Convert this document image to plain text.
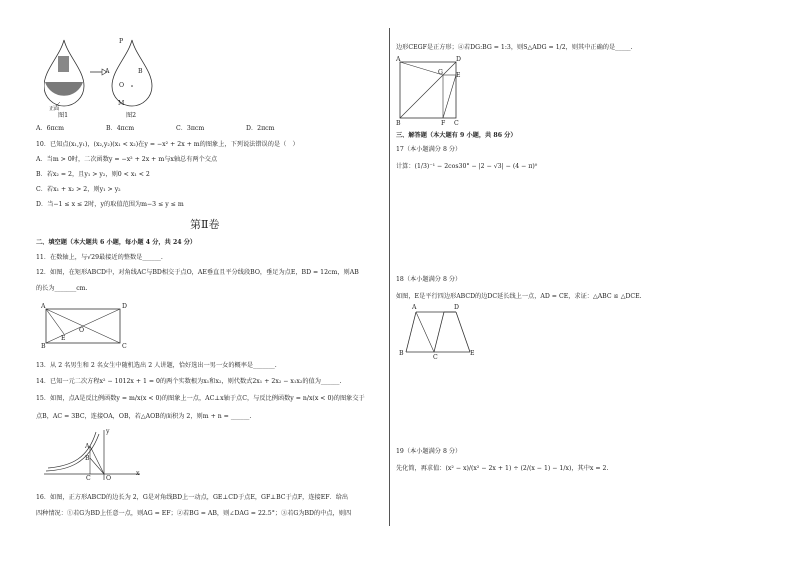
正面
P
A	B
O
M
图1	图2
A．6πcm	B．4πcm	C．3πcm	D．2πcm
10．已知点(x₁,y₁)，(x₂,y₂)(x₁ < x₂)在y = −x² + 2x + m的图象上，下列说法错误的是（　）
A．当m > 0时，二次函数y = −x² + 2x + m与x轴总有两个交点
B．若x₂ = 2，且y₁ > y₂，则0 < x₁ < 2
C．若x₁ + x₂ > 2，则y₁ > y₂
D．当−1 ≤ x ≤ 2时，y的取值范围为m−3 ≤ y ≤ m
第Ⅱ卷
二、填空题（本大题共 6 小题，每小题 4 分，共 24 分）
11．在数轴上，与√29最接近的整数是______.
12．如图，在矩形ABCD中，对角线AC与BD相交于点O，AE垂直且平分线段BO，垂足为点E，BD = 12cm，则AB
的长为_______cm.
A	D
B	C
E
O
13．从 2 名男生和 2 名女生中随机选出 2 人讲题，恰好选出一男一女的概率是_______.
14．已知一元二次方程x² − 1012x + 1 = 0的两个实数根为x₁和x₂，则代数式2x₁ + 2x₂ − x₁x₂的值为______.
15．如图，点A是反比例函数y = m/x(x < 0)的图象上一点，AC⊥x轴于点C，与反比例函数y = n/x(x < 0)的图象交于
点B，AC = 3BC，连接OA，OB，若△AOB的面积为 2，则m + n = ______.
y
A
B
C O
x
16．如图，正方形ABCD的边长为 2，G是对角线BD上一动点，GE⊥CD于点E，GF⊥BC于点F，连接EF．给出
四种情况：①若G为BD上任意一点，则AG = EF；②若BG = AB，则∠DAG = 22.5°；③若G为BD的中点，则四
边形CEGF是正方形；④若DG:BG = 1:3，则S△ADG = 1/2，则其中正确的是_____.
A	D
G E
B	F C
三、解答题（本大题有 9 小题，共 86 分）
17（本小题满分 8 分）
计算：(1/3)⁻¹ − 2cos30° − |2 − √3| − (4 − π)⁰
18（本小题满分 8 分）
如图，E是平行四边形ABCD的边DC延长线上一点，AD = CE，求证：△ABC ≌ △DCE.
A	D
B
C
E
19（本小题满分 8 分）
先化简，再求值：(x² − x)/(x² − 2x + 1) ÷ (2/(x − 1) − 1/x)，其中x = 2.
